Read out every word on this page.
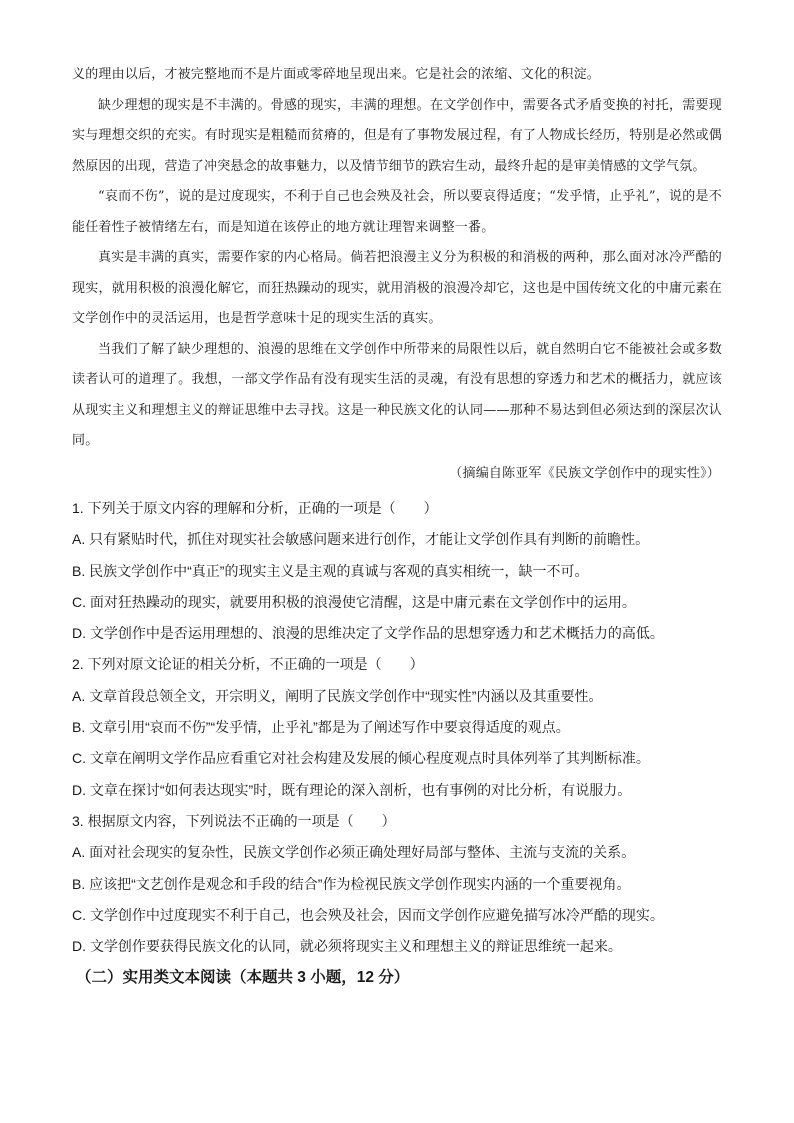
义的理由以后，才被完整地而不是片面或零碎地呈现出来。它是社会的浓缩、文化的积淀。

缺少理想的现实是不丰满的。骨感的现实，丰满的理想。在文学创作中，需要各式矛盾变换的衬托，需要现实与理想交织的充实。有时现实是粗糙而贫瘠的，但是有了事物发展过程，有了人物成长经历，特别是必然或偶然原因的出现，营造了冲突悬念的故事魅力，以及情节细节的跌宕生动，最终升起的是审美情感的文学气氛。

“哀而不伤”，说的是过度现实，不利于自己也会殃及社会，所以要哀得适度；“发乎情，止乎礼”，说的是不能任着性子被情绪左右，而是知道在该停止的地方就让理智来调整一番。

真实是丰满的真实，需要作家的内心格局。倘若把浪漫主义分为积极的和消极的两种，那么面对冰冷严酷的现实，就用积极的浪漫化解它，而狂热躁动的现实，就用消极的浪漫冷却它，这也是中国传统文化的中庸元素在文学创作中的灵活运用，也是哲学意味十足的现实生活的真实。

当我们了解了缺少理想的、浪漫的思维在文学创作中所带来的局限性以后，就自然明白它不能被社会或多数读者认可的道理了。我想，一部文学作品有没有现实生活的灵魂，有没有思想的穿透力和艺术的概括力，就应该从现实主义和理想主义的辩证思维中去寻找。这是一种民族文化的认同——那种不易达到但必须达到的深层次认同。

（摘编自陈亚军《民族文学创作中的现实性》）

1. 下列关于原文内容的理解和分析，正确的一项是（　　）

A. 只有紧贴时代，抓住对现实社会敏感问题来进行创作，才能让文学创作具有判断的前瞻性。

B. 民族文学创作中“真正”的现实主义是主观的真诚与客观的真实相统一，缺一不可。

C. 面对狂热躁动的现实，就要用积极的浪漫使它清醒，这是中庸元素在文学创作中的运用。

D. 文学创作中是否运用理想的、浪漫的思维决定了文学作品的思想穿透力和艺术概括力的高低。

2. 下列对原文论证的相关分析，不正确的一项是（　　）

A. 文章首段总领全文，开宗明义，阐明了民族文学创作中“现实性”内涵以及其重要性。

B. 文章引用“哀而不伤”“发乎情，止乎礼”都是为了阐述写作中要哀得适度的观点。

C. 文章在阐明文学作品应看重它对社会构建及发展的倾心程度观点时具体列举了其判断标准。

D. 文章在探讨“如何表达现实”时，既有理论的深入剖析，也有事例的对比分析，有说服力。

3. 根据原文内容，下列说法不正确的一项是（　　）

A. 面对社会现实的复杂性，民族文学创作必须正确处理好局部与整体、主流与支流的关系。

B. 应该把“文艺创作是观念和手段的结合”作为检视民族文学创作现实内涵的一个重要视角。

C. 文学创作中过度现实不利于自己，也会殃及社会，因而文学创作应避免描写冰冷严酷的现实。

D. 文学创作要获得民族文化的认同，就必须将现实主义和理想主义的辩证思维统一起来。

（二）实用类文本阅读（本题共 3 小题，12 分）
